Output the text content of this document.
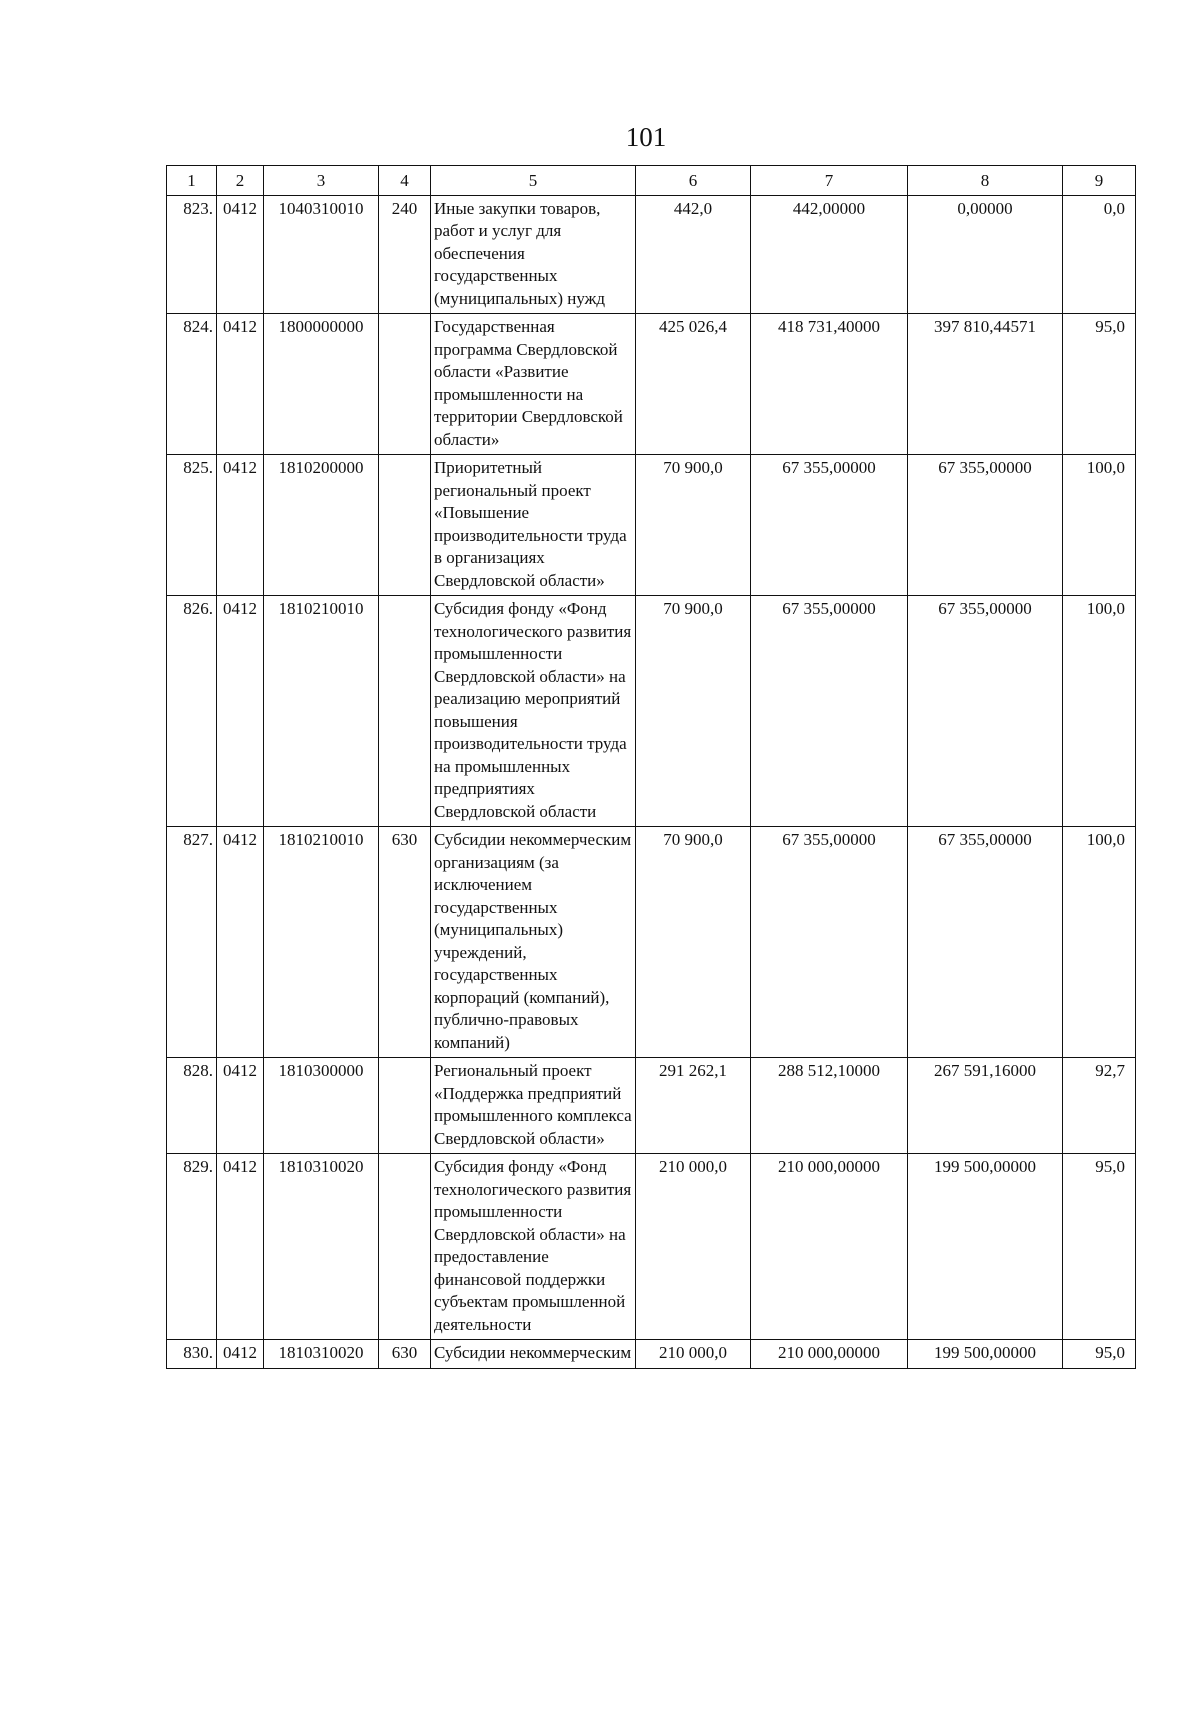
101
1	2	3	4	5	6	7	8	9
823.	0412	1040310010	240	Иные закупки товаров, работ и услуг для обеспечения государственных (муниципальных) нужд	442,0	442,00000	0,00000	0,0
824.	0412	1800000000		Государственная программа Свердловской области «Развитие промышленности на территории Свердловской области»	425 026,4	418 731,40000	397 810,44571	95,0
825.	0412	1810200000		Приоритетный региональный проект «Повышение производительности труда в организациях Свердловской области»	70 900,0	67 355,00000	67 355,00000	100,0
826.	0412	1810210010		Субсидия фонду «Фонд технологического развития промышленности Свердловской области» на реализацию мероприятий повышения производительности труда на промышленных предприятиях Свердловской области	70 900,0	67 355,00000	67 355,00000	100,0
827.	0412	1810210010	630	Субсидии некоммерческим организациям (за исключением государственных (муниципальных) учреждений, государственных корпораций (компаний), публично-правовых компаний)	70 900,0	67 355,00000	67 355,00000	100,0
828.	0412	1810300000		Региональный проект «Поддержка предприятий промышленного комплекса Свердловской области»	291 262,1	288 512,10000	267 591,16000	92,7
829.	0412	1810310020		Субсидия фонду «Фонд технологического развития промышленности Свердловской области» на предоставление финансовой поддержки субъектам промышленной деятельности	210 000,0	210 000,00000	199 500,00000	95,0
830.	0412	1810310020	630	Субсидии некоммерческим	210 000,0	210 000,00000	199 500,00000	95,0
